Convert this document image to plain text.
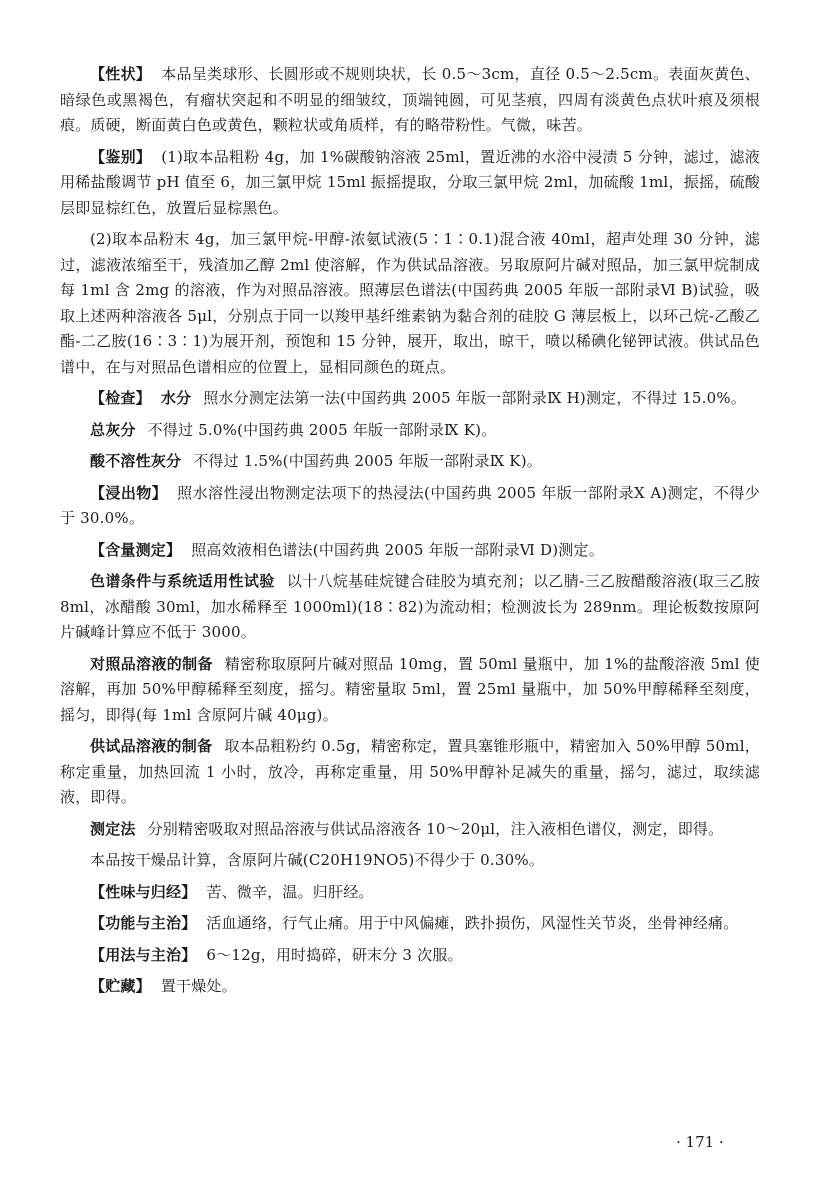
【性状】 本品呈类球形、长圆形或不规则块状，长 0.5～3cm，直径 0.5～2.5cm。表面灰黄色、暗绿色或黑褐色，有瘤状突起和不明显的细皱纹，顶端钝圆，可见茎痕，四周有淡黄色点状叶痕及须根痕。质硬，断面黄白色或黄色，颗粒状或角质样，有的略带粉性。气微，味苦。

【鉴别】 (1)取本品粗粉 4g，加 1%碳酸钠溶液 25ml，置近沸的水浴中浸渍 5 分钟，滤过，滤液用稀盐酸调节 pH 值至 6，加三氯甲烷 15ml 振摇提取，分取三氯甲烷 2ml，加硫酸 1ml，振摇，硫酸层即显棕红色，放置后显棕黑色。

(2)取本品粉末 4g，加三氯甲烷-甲醇-浓氨试液(5∶1∶0.1)混合液 40ml，超声处理 30 分钟，滤过，滤液浓缩至干，残渣加乙醇 2ml 使溶解，作为供试品溶液。另取原阿片碱对照品，加三氯甲烷制成每 1ml 含 2mg 的溶液，作为对照品溶液。照薄层色谱法(中国药典 2005 年版一部附录Ⅵ B)试验，吸取上述两种溶液各 5μl，分别点于同一以羧甲基纤维素钠为黏合剂的硅胶 G 薄层板上，以环己烷-乙酸乙酯-二乙胺(16∶3∶1)为展开剂，预饱和 15 分钟，展开，取出，晾干，喷以稀碘化铋钾试液。供试品色谱中，在与对照品色谱相应的位置上，显相同颜色的斑点。

【检查】 水分 照水分测定法第一法(中国药典 2005 年版一部附录Ⅸ H)测定，不得过 15.0%。

总灰分 不得过 5.0%(中国药典 2005 年版一部附录Ⅸ K)。

酸不溶性灰分 不得过 1.5%(中国药典 2005 年版一部附录Ⅸ K)。

【浸出物】 照水溶性浸出物测定法项下的热浸法(中国药典 2005 年版一部附录Ⅹ A)测定，不得少于 30.0%。

【含量测定】 照高效液相色谱法(中国药典 2005 年版一部附录Ⅵ D)测定。

色谱条件与系统适用性试验 以十八烷基硅烷键合硅胶为填充剂；以乙腈-三乙胺醋酸溶液(取三乙胺 8ml，冰醋酸 30ml，加水稀释至 1000ml)(18∶82)为流动相；检测波长为 289nm。理论板数按原阿片碱峰计算应不低于 3000。

对照品溶液的制备 精密称取原阿片碱对照品 10mg，置 50ml 量瓶中，加 1%的盐酸溶液 5ml 使溶解，再加 50%甲醇稀释至刻度，摇匀。精密量取 5ml，置 25ml 量瓶中，加 50%甲醇稀释至刻度，摇匀，即得(每 1ml 含原阿片碱 40μg)。

供试品溶液的制备 取本品粗粉约 0.5g，精密称定，置具塞锥形瓶中，精密加入 50%甲醇 50ml，称定重量，加热回流 1 小时，放冷，再称定重量，用 50%甲醇补足减失的重量，摇匀，滤过，取续滤液，即得。

测定法 分别精密吸取对照品溶液与供试品溶液各 10～20μl，注入液相色谱仪，测定，即得。

本品按干燥品计算，含原阿片碱(C20H19NO5)不得少于 0.30%。

【性味与归经】 苦、微辛，温。归肝经。

【功能与主治】 活血通络，行气止痛。用于中风偏瘫，跌扑损伤，风湿性关节炎，坐骨神经痛。

【用法与主治】 6～12g，用时捣碎，研末分 3 次服。

【贮藏】 置干燥处。

· 171 ·
